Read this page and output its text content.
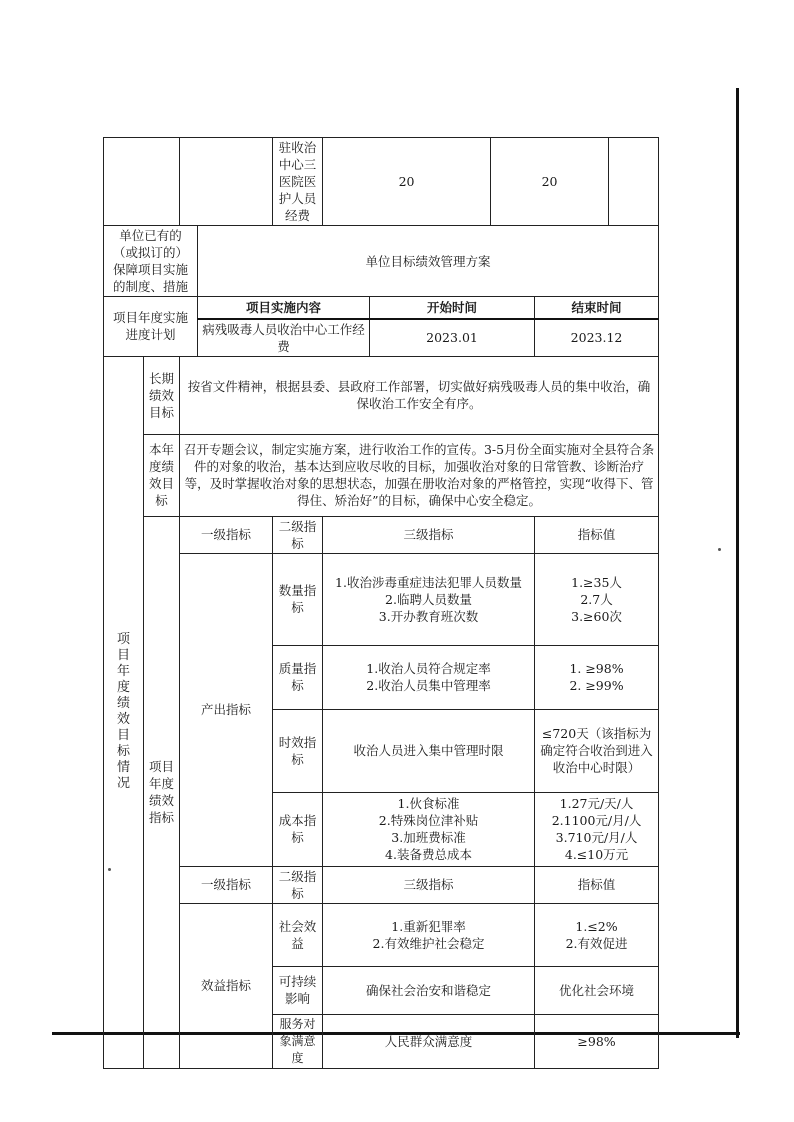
				驻收治中心三医院医护人员经费	20		20		
单位已有的（或拟订的）保障项目实施的制度、措施			单位目标绩效管理方案						
项目年度实施进度计划			项目实施内容			开始时间		结束时间	
			病残吸毒人员收治中心工作经费			2023.01		2023.12	

项目年度绩效目标情况	长期绩效目标	按省文件精神，根据县委、县政府工作部署，切实做好病残吸毒人员的集中收治，确保收治工作安全有序。							
	本年度绩效目标	召开专题会议，制定实施方案，进行收治工作的宣传。3-5月份全面实施对全县符合条件的对象的收治，基本达到应收尽收的目标，加强收治对象的日常管教、诊断治疗等，及时掌握收治对象的思想状态，加强在册收治对象的严格管控，实现“收得下、管得住、矫治好”的目标，确保中心安全稳定。							
	项目年度绩效指标	一级指标		二级指标	三级指标			指标值	
		产出指标		数量指标	1.收治涉毒重症违法犯罪人员数量
2.临聘人员数量
3.开办教育班次数			1.≥35人
2.7人
3.≥60次	

				质量指标	1.收治人员符合规定率
2.收治人员集中管理率			1. ≥98%
2. ≥99%	

				时效指标	收治人员进入集中管理时限			≤720天（该指标为确定符合收治到进入收治中心时限）	

				成本指标	1.伙食标准
2.特殊岗位津补贴
3.加班费标准
4.装备费总成本			1.27元/天/人
2.1100元/月/人
3.710元/月/人
4.≤10万元	

		一级指标		二级指标	三级指标			指标值	
		效益指标		社会效益	1.重新犯罪率
2.有效维护社会稳定			1.≤2%
2.有效促进	

				可持续影响	确保社会治安和谐稳定			优化社会环境	

				服务对象满意度	人民群众满意度			≥98%	
